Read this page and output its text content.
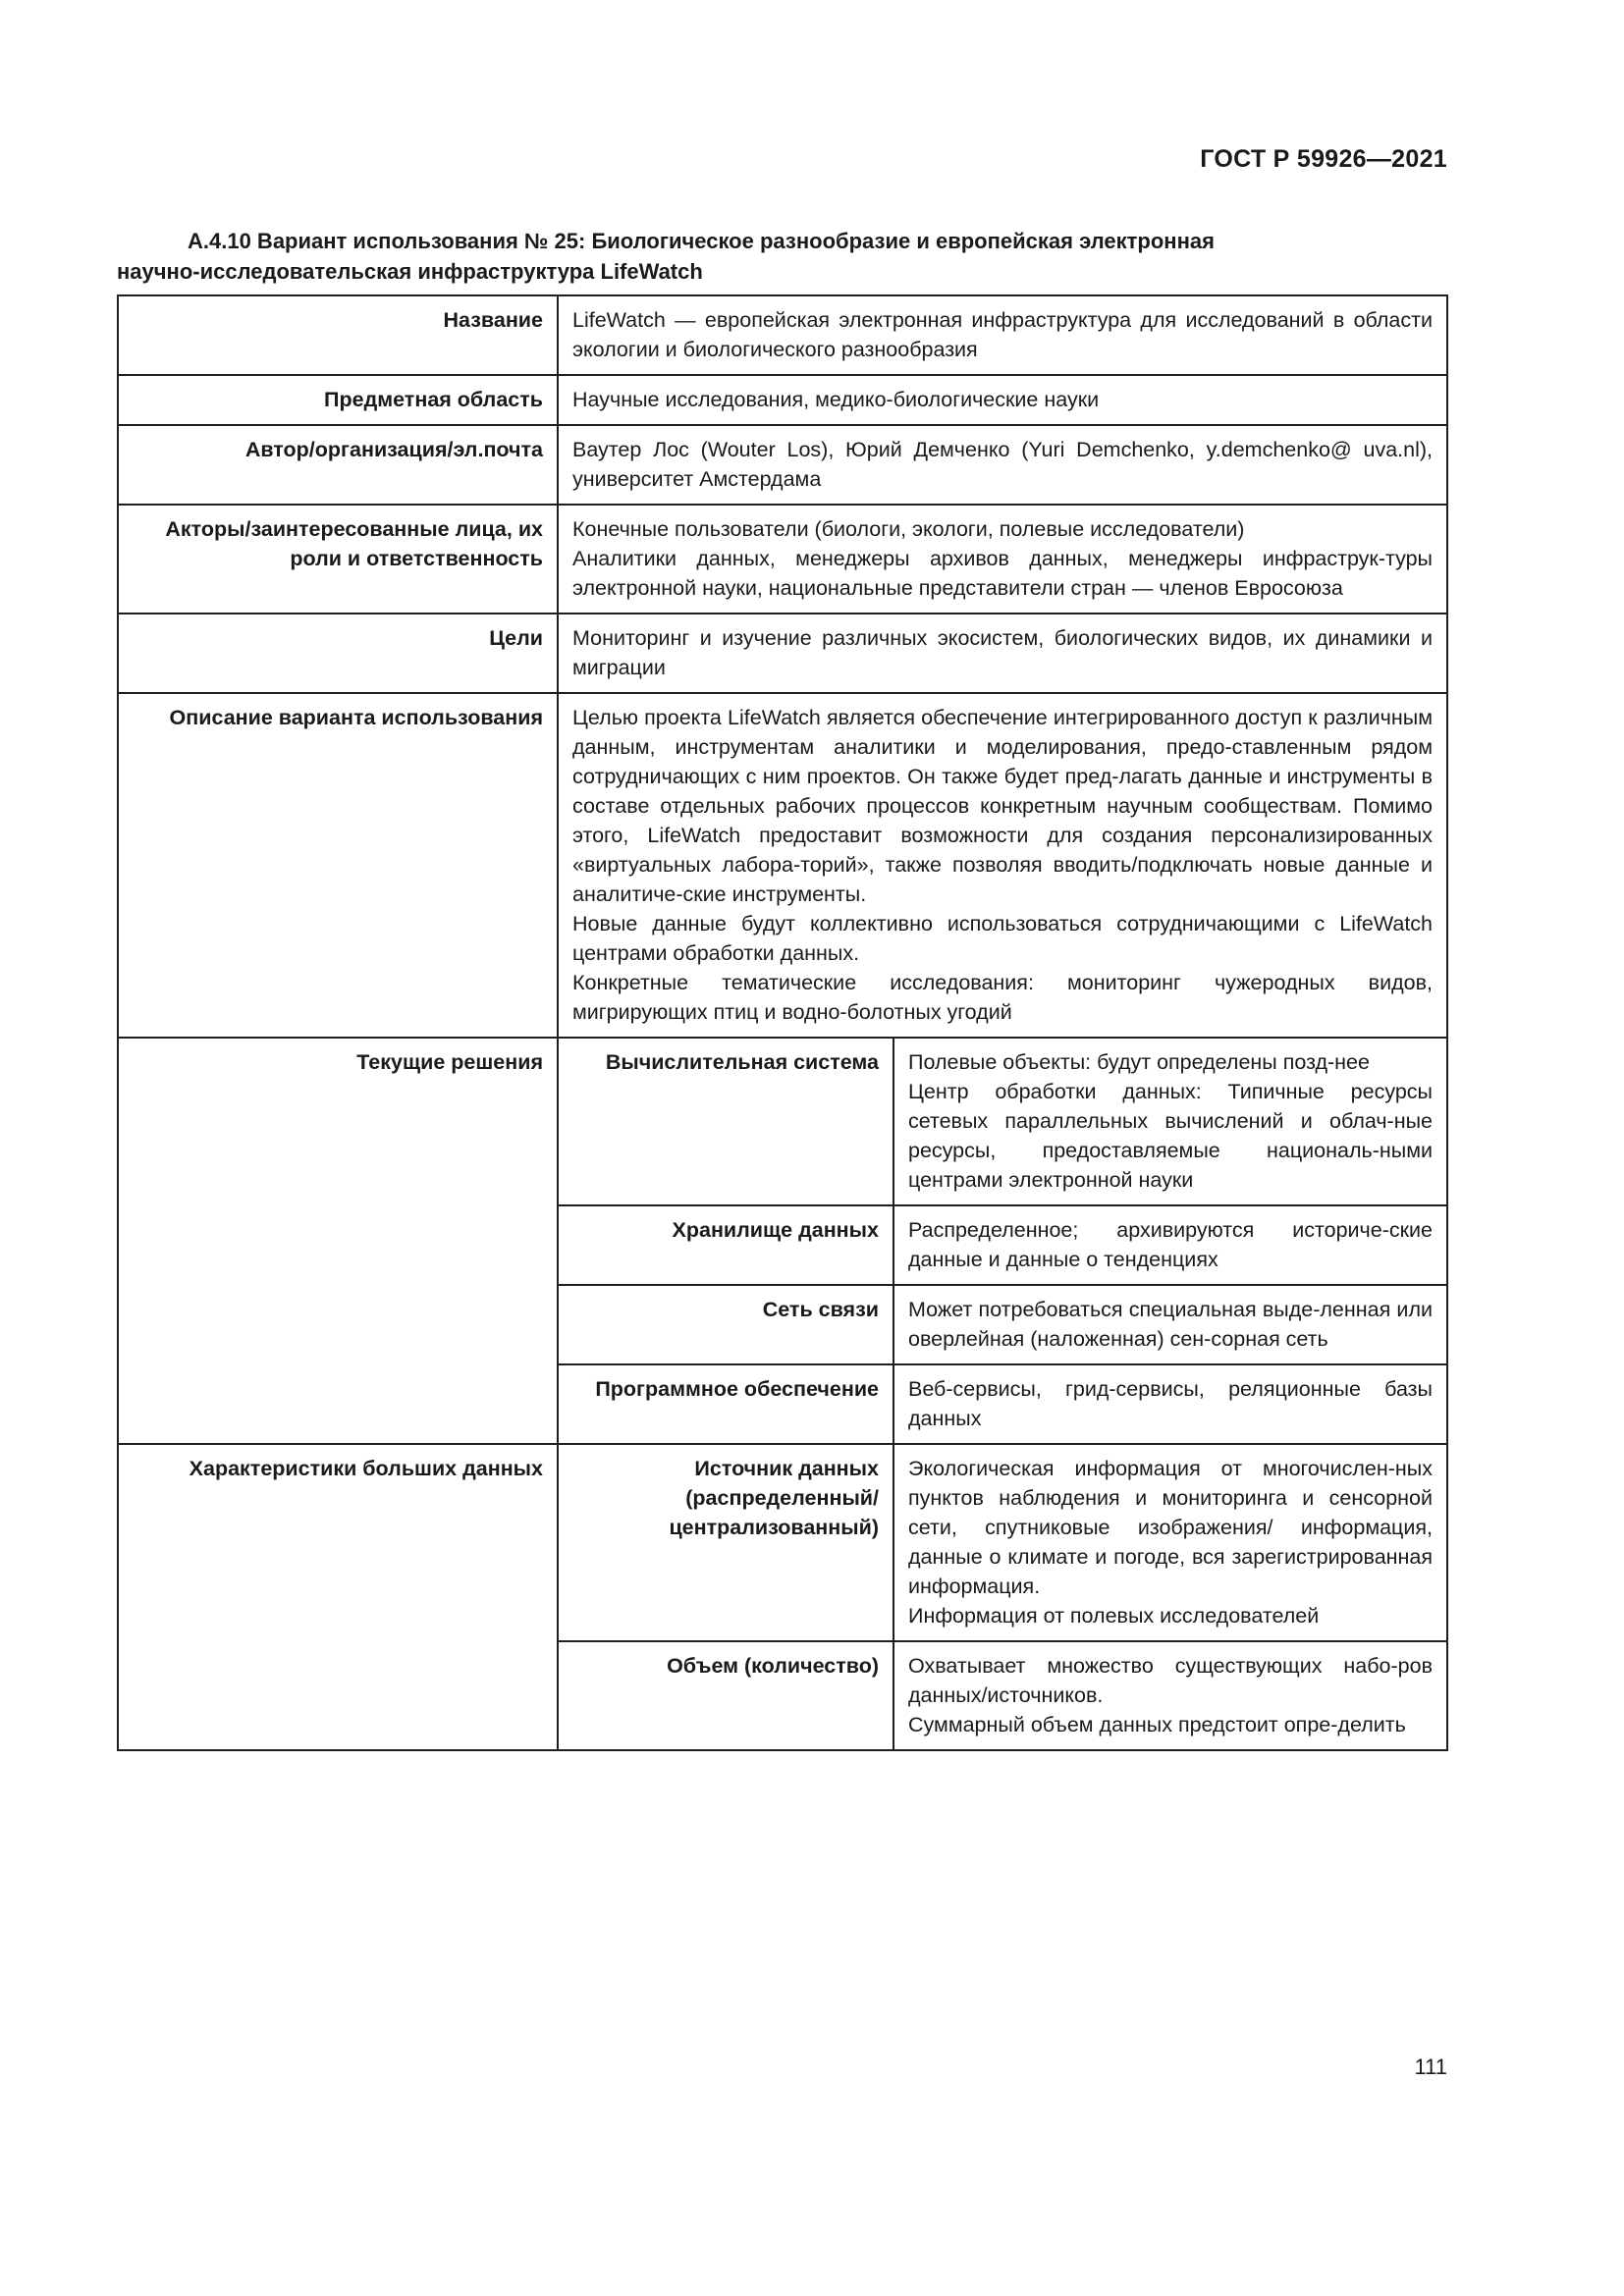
ГОСТ Р 59926—2021
А.4.10 Вариант использования № 25: Биологическое разнообразие и европейская электронная
научно-исследовательская инфраструктура LifeWatch
Название	LifeWatch — европейская электронная инфраструктура для исследований в области экологии и биологического разнообразия	
Предметная область	Научные исследования, медико-биологические науки	
Автор/организация/эл.почта	Ваутер Лос (Wouter Los), Юрий Демченко (Yuri Demchenko, y.demchenko@ uva.nl), университет Амстердама	
Акторы/заинтересованные лица, их роли и ответственность	Конечные пользователи (биологи, экологи, полевые исследователи)
Аналитики данных, менеджеры архивов данных, менеджеры инфраструк-туры электронной науки, национальные представители стран — членов Евросоюза	

Цели	Мониторинг и изучение различных экосистем, биологических видов, их динамики и миграции	
Описание варианта использования	Целью проекта LifeWatch является обеспечение интегрированного доступ к различным данным, инструментам аналитики и моделирования, предо-ставленным рядом сотрудничающих с ним проектов. Он также будет пред-лагать данные и инструменты в составе отдельных рабочих процессов конкретным научным сообществам. Помимо этого, LifeWatch предоставит возможности для создания персонализированных «виртуальных лабора-торий», также позволяя вводить/подключать новые данные и аналитиче-ские инструменты.
Новые данные будут коллективно использоваться сотрудничающими с LifeWatch центрами обработки данных.
Конкретные тематические исследования: мониторинг чужеродных видов, мигрирующих птиц и водно-болотных угодий	

Текущие решения	Вычислительная система	Полевые объекты: будут определены позд-нее
Центр обработки данных: Типичные ресурсы сетевых параллельных вычислений и облач-ные ресурсы, предоставляемые националь-ными центрами электронной науки

	Хранилище данных	Распределенное; архивируются историче-ские данные и данные о тенденциях

	Сеть связи	Может потребоваться специальная выде-ленная или оверлейная (наложенная) сен-сорная сеть

	Программное обеспечение	Веб-сервисы, грид-сервисы, реляционные базы данных

Характеристики больших данных	Источник данных (распределенный/ централизованный)	Экологическая информация от многочислен-ных пунктов наблюдения и мониторинга и сенсорной сети, спутниковые изображения/ информация, данные о климате и погоде, вся зарегистрированная информация.
Информация от полевых исследователей

	Объем (количество)	Охватывает множество существующих набо-ров данных/источников.
Суммарный объем данных предстоит опре-делить
111
